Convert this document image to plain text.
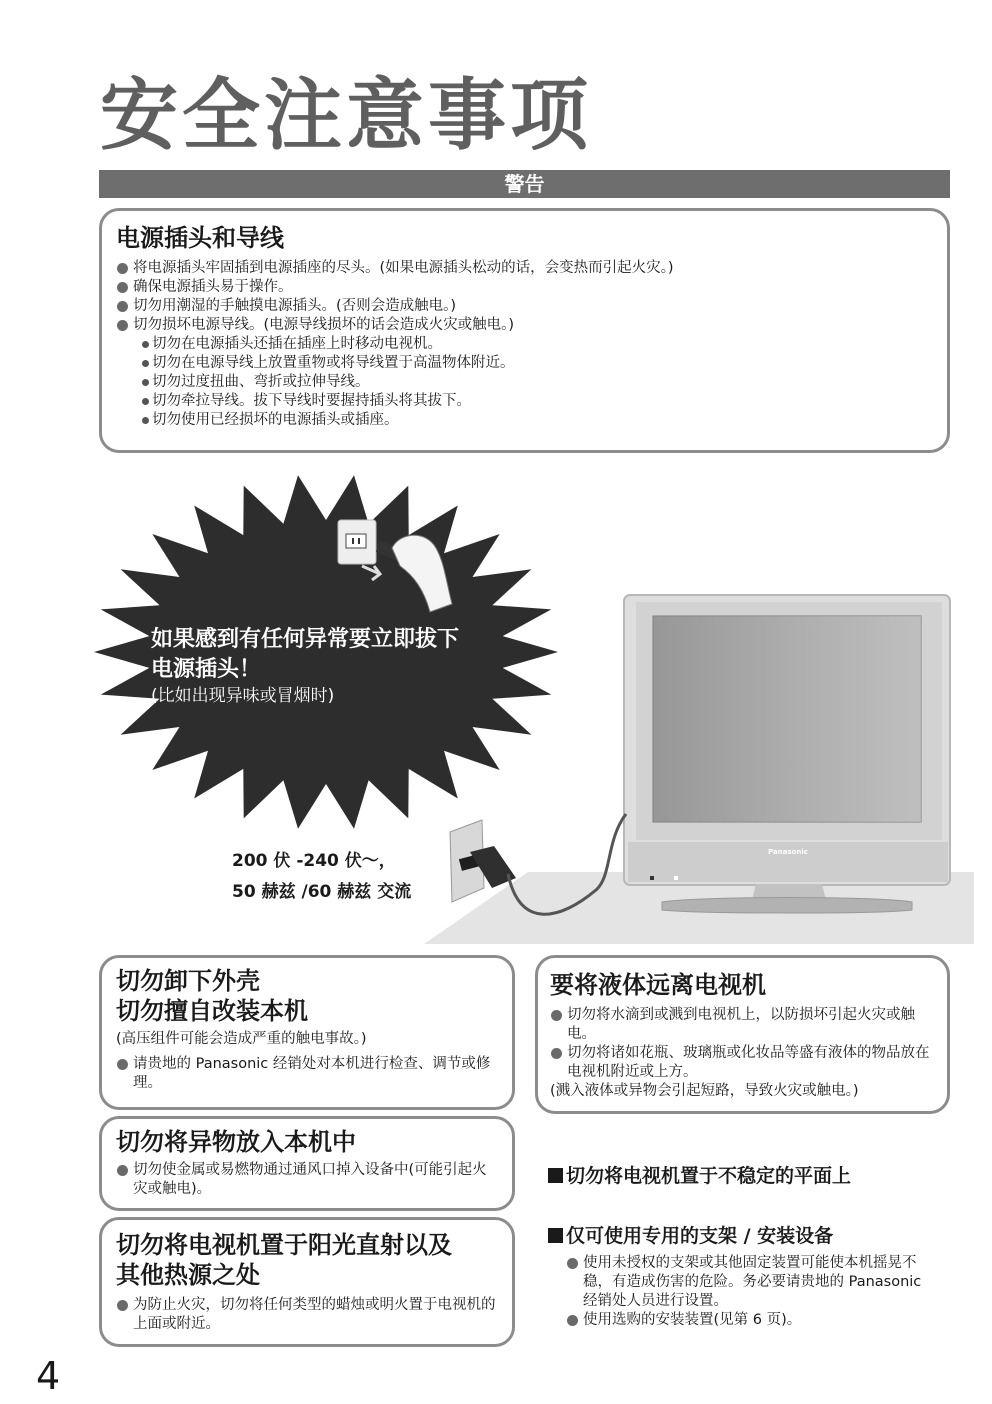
安全注意事项
警告
电源插头和导线
将电源插头牢固插到电源插座的尽头。(如果电源插头松动的话，会变热而引起火灾。)
确保电源插头易于操作。
切勿用潮湿的手触摸电源插头。(否则会造成触电。)
切勿损坏电源导线。(电源导线损坏的话会造成火灾或触电。)
切勿在电源插头还插在插座上时移动电视机。
切勿在电源导线上放置重物或将导线置于高温物体附近。
切勿过度扭曲、弯折或拉伸导线。
切勿牵拉导线。拔下导线时要握持插头将其拔下。
切勿使用已经损坏的电源插头或插座。
如果感到有任何异常要立即拔下
电源插头！
(比如出现异味或冒烟时)
Panasonic
200 伏 -240 伏～，
50 赫兹 /60 赫兹 交流
切勿卸下外壳
切勿擅自改装本机

(高压组件可能会造成严重的触电事故。)

请贵地的 Panasonic 经销处对本机进行检查、调节或修理。
切勿将异物放入本机中
切勿使金属或易燃物通过通风口掉入设备中(可能引起火灾或触电)。
切勿将电视机置于阳光直射以及
其他热源之处
为防止火灾，切勿将任何类型的蜡烛或明火置于电视机的上面或附近。
要将液体远离电视机
切勿将水滴到或溅到电视机上，以防损坏引起火灾或触电。
切勿将诸如花瓶、玻璃瓶或化妆品等盛有液体的物品放在电视机附近或上方。

(溅入液体或异物会引起短路，导致火灾或触电。)

切勿将电视机置于不稳定的平面上
仅可使用专用的支架 / 安装设备
使用未授权的支架或其他固定装置可能使本机摇晃不稳，有造成伤害的危险。务必要请贵地的 Panasonic 经销处人员进行设置。
使用选购的安装装置(见第 6 页)。
4
